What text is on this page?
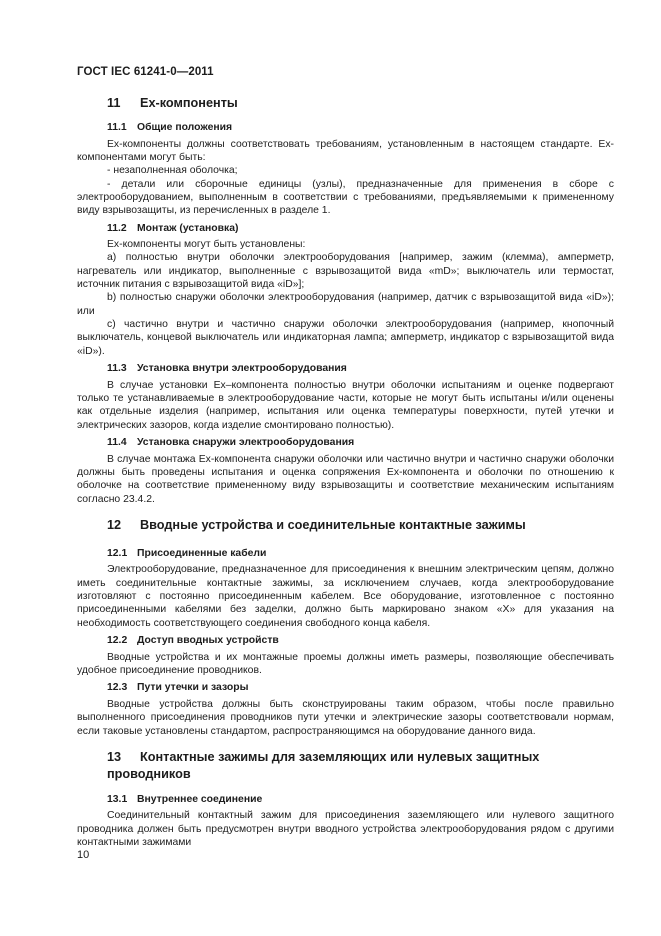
ГОСТ IEC 61241-0—2011
11 Ex-компоненты
11.1 Общие положения

Ex-компоненты должны соответствовать требованиям, установленным в настоящем стандарте. Ex-компонентами могут быть:

- незаполненная оболочка;

- детали или сборочные единицы (узлы), предназначенные для применения в сборе с электрооборудованием, выполненным в соответствии с требованиями, предъявляемыми к примененному виду взрывозащиты, из перечисленных в разделе 1.

11.2 Монтаж (установка)

Ex-компоненты могут быть установлены:

a) полностью внутри оболочки электрооборудования [например, зажим (клемма), амперметр, нагреватель или индикатор, выполненные с взрывозащитой вида «mD»; выключатель или термостат, источник питания с взрывозащитой вида «iD»];

b) полностью снаружи оболочки электрооборудования (например, датчик с взрывозащитой вида «iD»); или

c) частично внутри и частично снаружи оболочки электрооборудования (например, кнопочный выключатель, концевой выключатель или индикаторная лампа; амперметр, индикатор с взрывозащитой вида «iD»).

11.3 Установка внутри электрооборудования

В случае установки Ex–компонента полностью внутри оболочки испытаниям и оценке подвергают только те устанавливаемые в электрооборудование части, которые не могут быть испытаны и/или оценены как отдельные изделия (например, испытания или оценка температуры поверхности, путей утечки и электрических зазоров, когда изделие смонтировано полностью).

11.4 Установка снаружи электрооборудования

В случае монтажа Ex-компонента снаружи оболочки или частично внутри и частично снаружи оболочки должны быть проведены испытания и оценка сопряжения Ex-компонента и оболочки по отношению к оболочке на соответствие примененному виду взрывозащиты и соответствие механическим испытаниям согласно 23.4.2.

12 Вводные устройства и соединительные контактные зажимы
12.1 Присоединенные кабели

Электрооборудование, предназначенное для присоединения к внешним электрическим цепям, должно иметь соединительные контактные зажимы, за исключением случаев, когда электрооборудование изготовляют с постоянно присоединенным кабелем. Все оборудование, изготовленное с постоянно присоединенными кабелями без заделки, должно быть маркировано знаком «X» для указания на необходимость соответствующего соединения свободного конца кабеля.

12.2 Доступ вводных устройств

Вводные устройства и их монтажные проемы должны иметь размеры, позволяющие обеспечивать удобное присоединение проводников.

12.3 Пути утечки и зазоры

Вводные устройства должны быть сконструированы таким образом, чтобы после правильно выполненного присоединения проводников пути утечки и электрические зазоры соответствовали нормам, если таковые установлены стандартом, распространяющимся на оборудование данного вида.

13 Контактные зажимы для заземляющих или нулевых защитных
проводников
13.1 Внутреннее соединение

Соединительный контактный зажим для присоединения заземляющего или нулевого защитного проводника должен быть предусмотрен внутри вводного устройства электрооборудования рядом с другими контактными зажимами

10
